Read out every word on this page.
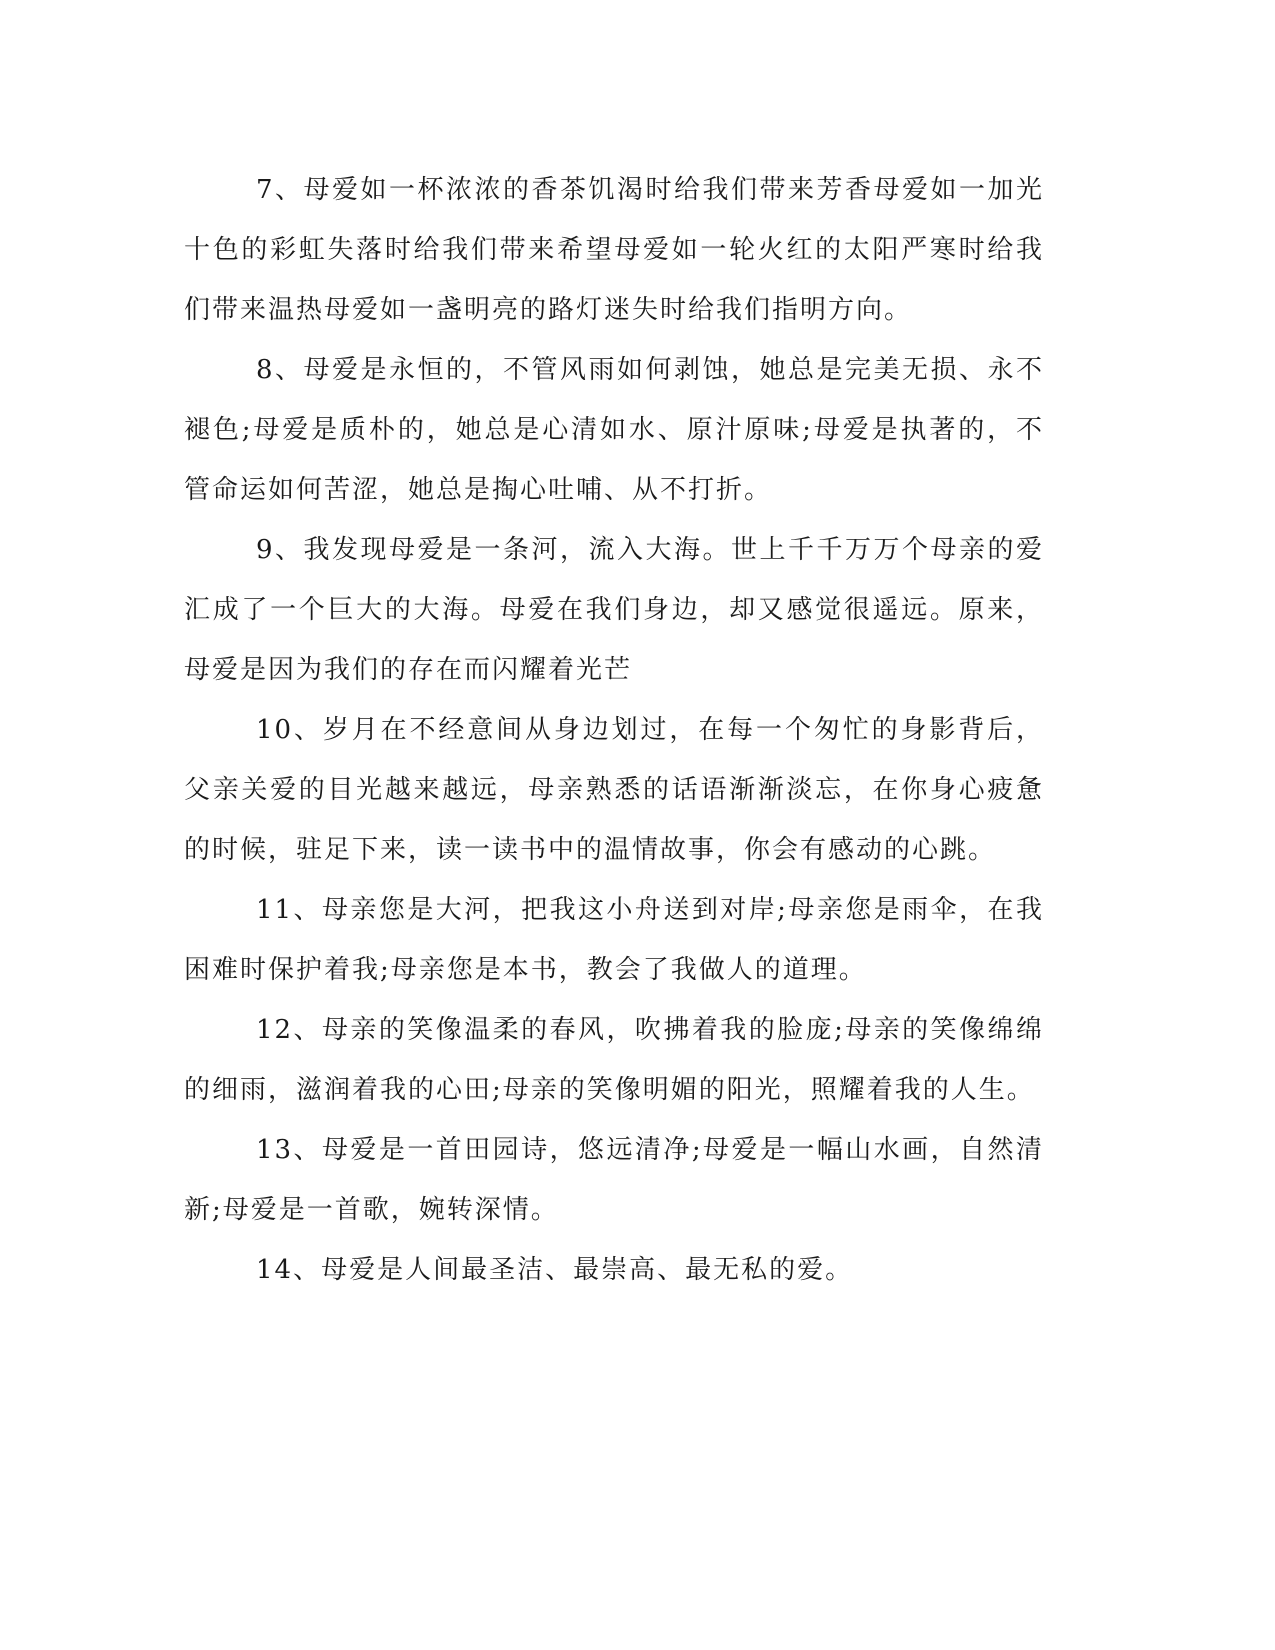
7、母爱如一杯浓浓的香茶饥渴时给我们带来芳香母爱如一加光十色的彩虹失落时给我们带来希望母爱如一轮火红的太阳严寒时给我们带来温热母爱如一盏明亮的路灯迷失时给我们指明方向。

8、母爱是永恒的，不管风雨如何剥蚀，她总是完美无损、永不褪色;母爱是质朴的，她总是心清如水、原汁原味;母爱是执著的，不管命运如何苦涩，她总是掏心吐哺、从不打折。

9、我发现母爱是一条河，流入大海。世上千千万万个母亲的爱汇成了一个巨大的大海。母爱在我们身边，却又感觉很遥远。原来，母爱是因为我们的存在而闪耀着光芒

10、岁月在不经意间从身边划过，在每一个匆忙的身影背后，父亲关爱的目光越来越远，母亲熟悉的话语渐渐淡忘，在你身心疲惫的时候，驻足下来，读一读书中的温情故事，你会有感动的心跳。

11、母亲您是大河，把我这小舟送到对岸;母亲您是雨伞，在我困难时保护着我;母亲您是本书，教会了我做人的道理。

12、母亲的笑像温柔的春风，吹拂着我的脸庞;母亲的笑像绵绵的细雨，滋润着我的心田;母亲的笑像明媚的阳光，照耀着我的人生。

13、母爱是一首田园诗，悠远清净;母爱是一幅山水画，自然清新;母爱是一首歌，婉转深情。

14、母爱是人间最圣洁、最崇高、最无私的爱。
